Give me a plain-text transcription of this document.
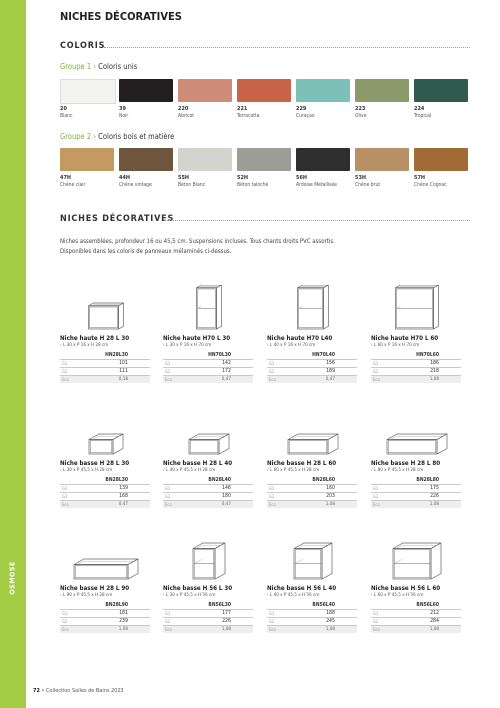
OSMOSE
NICHES DÉCORATIVES
COLORIS
Groupe 1 › Coloris unis
20
Blanc
39
Noir
220
Abricot
221
Terracotta
229
Curaçao
223
Olive
224
Tropical
Groupe 2 › Coloris bois et matière
47H
Chêne clair
44H
Chêne vintage
55H
Béton Blanc
52H
Béton taloché
56H
Ardoise Métallisée
53H
Chêne brut
57H
Chêne Cognac
NICHES DÉCORATIVES
Niches assemblées, profondeur 16 ou 45,5 cm. Suspensions incluses. Tous chants droits PVC assortis.
Disponibles dans les coloris de panneaux mélaminés ci-dessus.
Niche haute H 28 L 30
› L 30 x P 16 x H 28 cm
HN28L30
G1	101
G2	111
Eco	0,18
Niche haute H70 L 30
› L 30 x P 16 x H 70 cm
HN70L30
G1	142
G2	172
Eco	0,47
Niche haute H70 L40
› L 40 x P 16 x H 70 cm
HN70L40
G1	156
G2	189
Eco	0,47
Niche haute H70 L 60
› L 60 x P 16 x H 70 cm
HN70L60
G1	186
G2	218
Eco	1,08
Niche basse H 28 L 30
› L 30 x P 45,5 x H 28 cm
BN28L30
G1	139
G2	168
Eco	0,47
Niche basse H 28 L 40
› L 40 x P 45,5 x H 28 cm
BN28L40
G1	146
G2	180
Eco	0,47
Niche basse H 28 L 60
› L 60 x P 45,5 x H 28 cm
BN28L60
G1	160
G2	203
Eco	1,08
Niche basse H 28 L 80
› L 80 x P 45,5 x H 28 cm
BN28L80
G1	175
G2	226
Eco	1,08
Niche basse H 28 L 90
› L 90 x P 45,5 x H 28 cm
BN28L90
G1	181
G2	239
Eco	1,08
Niche basse H 56 L 30
› L 30 x P 45,5 x H 56 cm
BN56L30
G1	177
G2	226
Eco	1,08
Niche basse H 56 L 40
› L 40 x P 45,5 x H 56 cm
BN56L40
G1	188
G2	245
Eco	1,08
Niche basse H 56 L 60
› L 60 x P 45,5 x H 56 cm
BN56L60
G1	212
G2	284
Eco	1,08
72 • Collection Salles de Bains 2023
